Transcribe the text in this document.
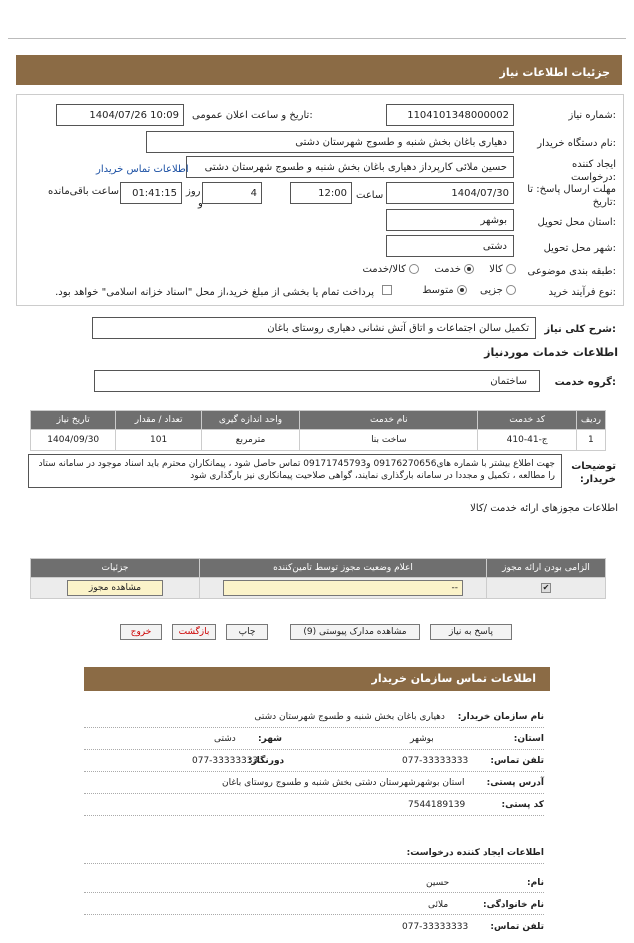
جزئیات اطلاعات نیاز
شماره نیاز:
1104101348000002
تاریخ و ساعت اعلان عمومی:
1404/07/26 10:09
نام دستگاه خریدار:
دهیاری باغان بخش شنبه و طسوج شهرستان دشتی
ایجاد کننده درخواست:
حسین ملائی کارپرداز دهیاری باغان بخش شنبه و طسوج شهرستان دشتی
اطلاعات تماس خریدار
مهلت ارسال پاسخ: تا تاریخ:
1404/07/30
ساعت
12:00
4
روز
و
01:41:15
ساعت باقی‌مانده
استان محل تحویل:
بوشهر
شهر محل تحویل:
دشتی
طبقه بندی موضوعی:
کالا  خدمت  کالا/خدمت
نوع فرآیند خرید:
جزیی  متوسط
پرداخت تمام یا بخشی از مبلغ خرید،از محل "اسناد خزانه اسلامی" خواهد بود.
شرح کلی نیاز:
تکمیل سالن اجتماعات و اتاق آتش نشانی دهیاری روستای باغان
اطلاعات خدمات موردنیاز
گروه خدمت:
ساختمان
ردیف	کد خدمت	نام خدمت	واحد اندازه گیری	تعداد / مقدار	تاریخ نیاز
1	ج-41-410	ساخت بنا	مترمربع	101	1404/09/30
توضیحات خریدار:
جهت اطلاع بیشتر با شماره های09176270656 و09171745793 تماس حاصل شود ، پیمانکاران محترم باید اسناد موجود در سامانه ستاد را مطالعه ، تکمیل و مجددا در سامانه بارگذاری نمایند، گواهی صلاحیت پیمانکاری نیز بارگذاری شود
اطلاعات مجوزهای ارائه خدمت /کالا
الزامی بودن ارائه مجوز	اعلام وضعیت مجوز توسط تامین‌کننده	جزئیات
✔	--	مشاهده مجوز
پاسخ به نیاز
مشاهده مدارک پیوستی (9)
چاپ
بازگشت
خروج
اطلاعات تماس سازمان خریدار
نام سازمان خریدار: دهیاری باغان بخش شنبه و طسوج شهرستان دشتی
استان:
بوشهر
شهر:
دشتی
تلفن تماس:
077-33333333
دورنگار:
077-33333333
آدرس پستی:
استان بوشهرشهرستان دشتی بخش شنبه و طسوج روستای باغان
کد پستی:
7544189139
اطلاعات ایجاد کننده درخواست:
نام:
حسین
نام خانوادگی:
ملائی
تلفن تماس:
077-33333333
